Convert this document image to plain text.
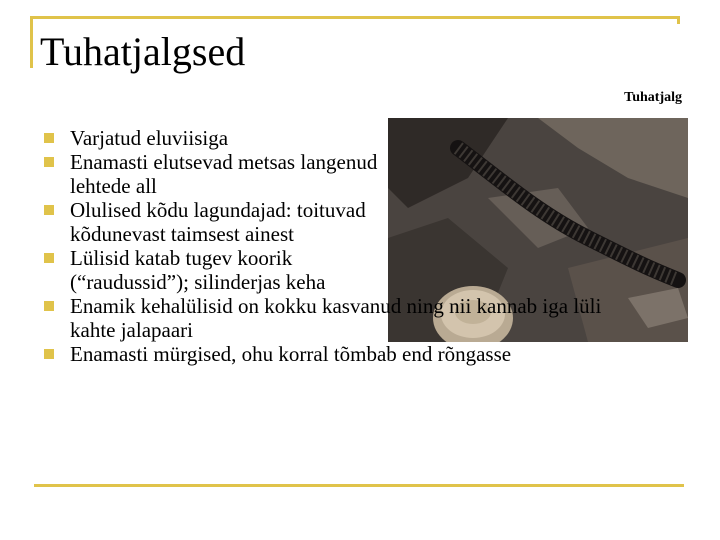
Tuhatjalgsed
Tuhatjalg

Varjatud eluviisiga

Enamasti elutsevad metsas langenud lehtede all

Olulised kõdu lagundajad: toituvad kõdunevast taimsest ainest

Lülisid katab tugev koorik (“raudussid”); silinderjas keha

Enamik kehalülisid on kokku kasvanud ning nii kannab iga lüli kahte jalapaari

Enamasti mürgised, ohu korral tõmbab end rõngasse
